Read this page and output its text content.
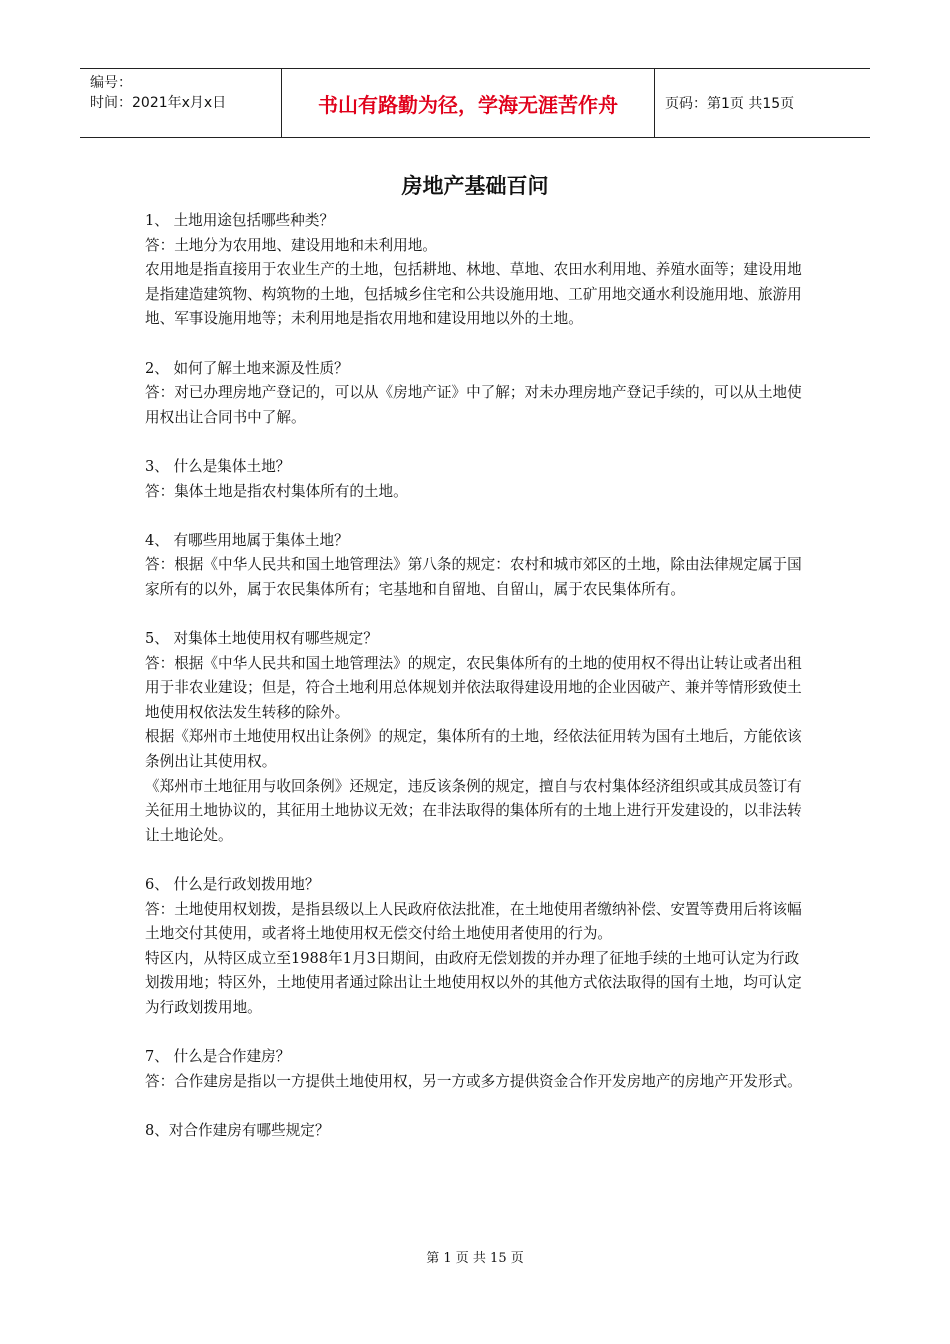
编号：
时间：2021年x月x日	书山有路勤为径，学海无涯苦作舟	页码：第1页 共15页
房地产基础百问

1、 土地用途包括哪些种类？

答：土地分为农用地、建设用地和未利用地。

农用地是指直接用于农业生产的土地，包括耕地、林地、草地、农田水利用地、养殖水面等；建设用地是指建造建筑物、构筑物的土地，包括城乡住宅和公共设施用地、工矿用地交通水利设施用地、旅游用地、军事设施用地等；未利用地是指农用地和建设用地以外的土地。

2、 如何了解土地来源及性质？

答：对已办理房地产登记的，可以从《房地产证》中了解；对未办理房地产登记手续的，可以从土地使用权出让合同书中了解。

3、 什么是集体土地？

答：集体土地是指农村集体所有的土地。

4、 有哪些用地属于集体土地？

答：根据《中华人民共和国土地管理法》第八条的规定：农村和城市郊区的土地，除由法律规定属于国家所有的以外，属于农民集体所有；宅基地和自留地、自留山，属于农民集体所有。

5、 对集体土地使用权有哪些规定？

答：根据《中华人民共和国土地管理法》的规定，农民集体所有的土地的使用权不得出让转让或者出租用于非农业建设；但是，符合土地利用总体规划并依法取得建设用地的企业因破产、兼并等情形致使土地使用权依法发生转移的除外。

根据《郑州市土地使用权出让条例》的规定，集体所有的土地，经依法征用转为国有土地后，方能依该条例出让其使用权。

《郑州市土地征用与收回条例》还规定，违反该条例的规定，擅自与农村集体经济组织或其成员签订有关征用土地协议的，其征用土地协议无效；在非法取得的集体所有的土地上进行开发建设的，以非法转让土地论处。

6、 什么是行政划拨用地？

答：土地使用权划拨，是指县级以上人民政府依法批准，在土地使用者缴纳补偿、安置等费用后将该幅土地交付其使用，或者将土地使用权无偿交付给土地使用者使用的行为。

特区内，从特区成立至1988年1月3日期间，由政府无偿划拨的并办理了征地手续的土地可认定为行政划拨用地；特区外，土地使用者通过除出让土地使用权以外的其他方式依法取得的国有土地，均可认定为行政划拨用地。

7、 什么是合作建房？

答：合作建房是指以一方提供土地使用权，另一方或多方提供资金合作开发房地产的房地产开发形式。

8、对合作建房有哪些规定？

第 1 页 共 15 页
